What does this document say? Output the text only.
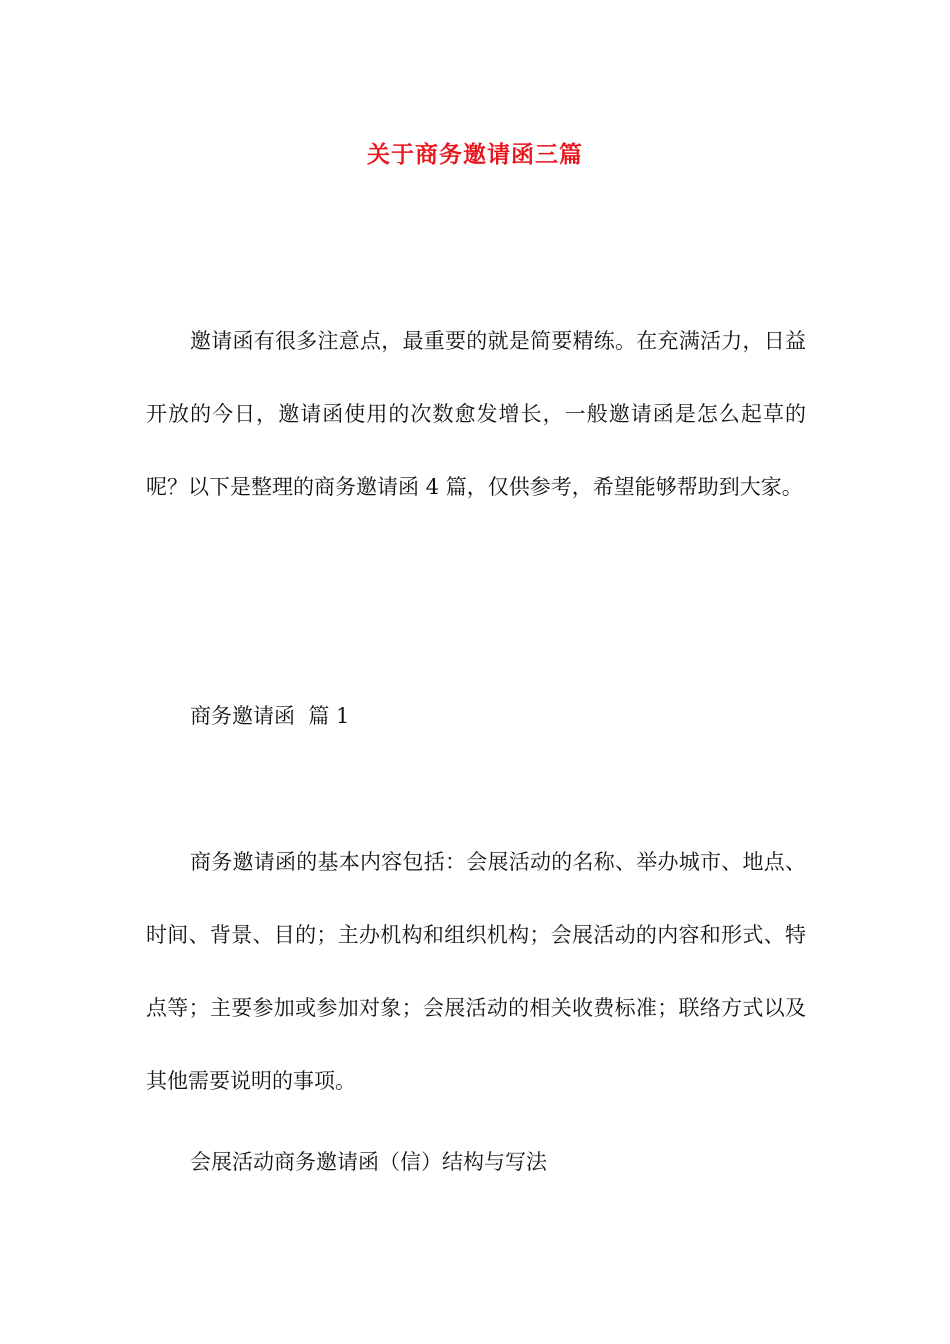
关于商务邀请函三篇

邀请函有很多注意点，最重要的就是简要精练。在充满活力，日益开放的今日，邀请函使用的次数愈发增长，一般邀请函是怎么起草的呢？以下是整理的商务邀请函 4 篇，仅供参考，希望能够帮助到大家。

商务邀请函  篇 1

商务邀请函的基本内容包括：会展活动的名称、举办城市、地点、时间、背景、目的；主办机构和组织机构；会展活动的内容和形式、特点等；主要参加或参加对象；会展活动的相关收费标准；联络方式以及其他需要说明的事项。

会展活动商务邀请函（信）结构与写法
